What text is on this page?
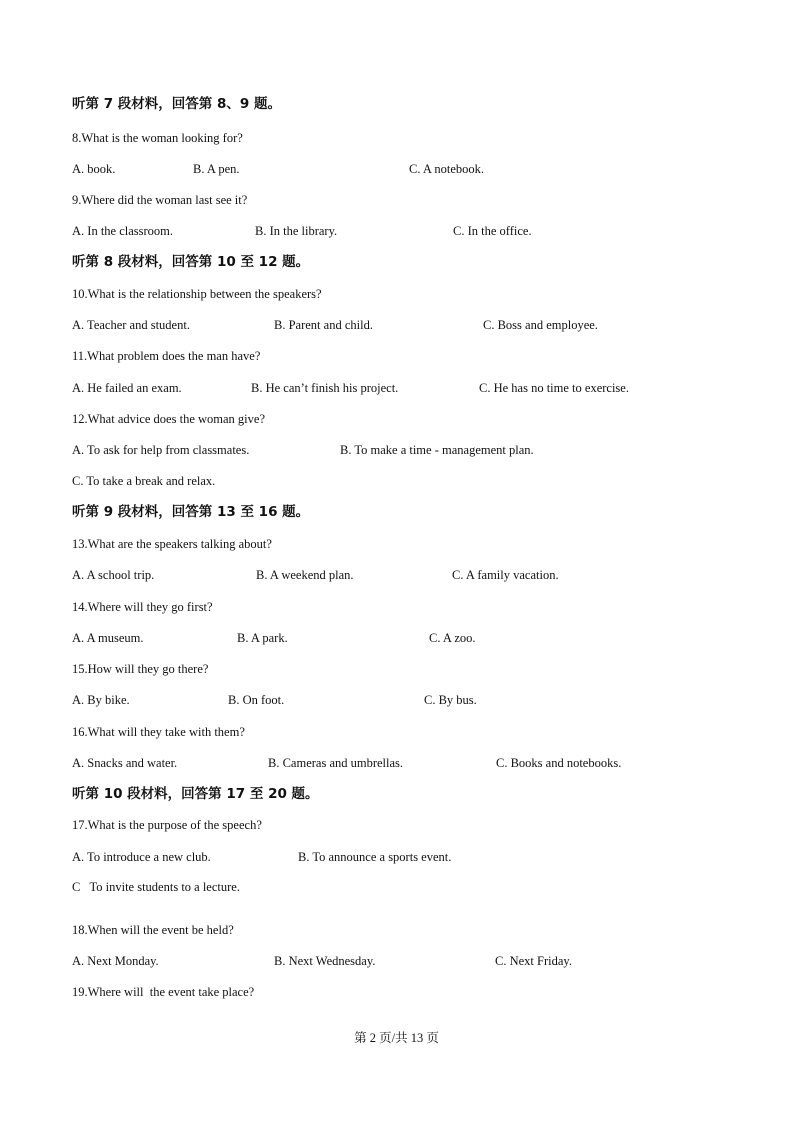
听第 7 段材料，回答第 8、9 题。
8.What is the woman looking for?
A. book.	B. A pen.	C. A notebook.
9.Where did the woman last see it?
A. In the classroom.	B. In the library.	C. In the office.
听第 8 段材料，回答第 10 至 12 题。
10.What is the relationship between the speakers?
A. Teacher and student.	B. Parent and child.	C. Boss and employee.
11.What problem does the man have?
A. He failed an exam.	B. He can’t finish his project.	C. He has no time to exercise.
12.What advice does the woman give?
A. To ask for help from classmates.	B. To make a time - management plan.
C. To take a break and relax.
听第 9 段材料，回答第 13 至 16 题。
13.What are the speakers talking about?
A. A school trip.	B. A weekend plan.	C. A family vacation.
14.Where will they go first?
A. A museum.	B. A park.	C. A zoo.
15.How will they go there?
A. By bike.	B. On foot.	C. By bus.
16.What will they take with them?
A. Snacks and water.	B. Cameras and umbrellas.	C. Books and notebooks.
听第 10 段材料，回答第 17 至 20 题。
17.What is the purpose of the speech?
A. To introduce a new club.	B. To announce a sports event.
C   To invite students to a lecture.
18.When will the event be held?
A. Next Monday.	B. Next Wednesday.	C. Next Friday.
19.Where will  the event take place?
第 2 页/共 13 页
